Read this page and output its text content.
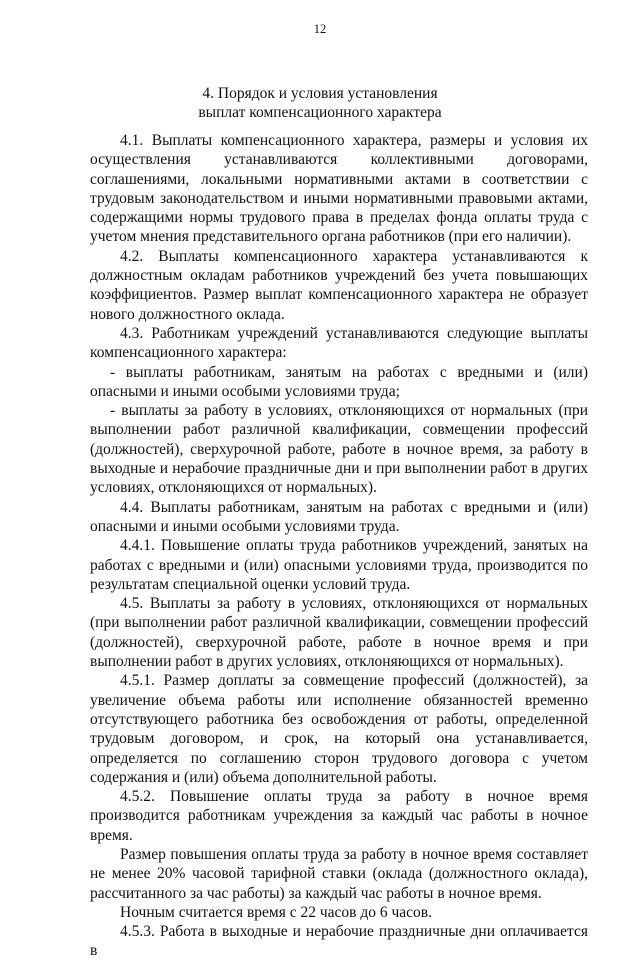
12
4. Порядок и условия установления
выплат компенсационного характера

4.1. Выплаты компенсационного характера, размеры и условия их осуществления устанавливаются коллективными договорами, соглашениями, локальными нормативными актами в соответствии с трудовым законодательством и иными нормативными правовыми актами, содержащими нормы трудового права в пределах фонда оплаты труда с учетом мнения представительного органа работников (при его наличии).

4.2. Выплаты компенсационного характера устанавливаются к должностным окладам работников учреждений без учета повышающих коэффициентов. Размер выплат компенсационного характера не образует нового должностного оклада.

4.3. Работникам учреждений устанавливаются следующие выплаты компенсационного характера:

- выплаты работникам, занятым на работах с вредными и (или) опасными и иными особыми условиями труда;

- выплаты за работу в условиях, отклоняющихся от нормальных (при выполнении работ различной квалификации, совмещении профессий (должностей), сверхурочной работе, работе в ночное время, за работу в выходные и нерабочие праздничные дни и при выполнении работ в других условиях, отклоняющихся от нормальных).

4.4. Выплаты работникам, занятым на работах с вредными и (или) опасными и иными особыми условиями труда.

4.4.1. Повышение оплаты труда работников учреждений, занятых на работах с вредными и (или) опасными условиями труда, производится по результатам специальной оценки условий труда.

4.5. Выплаты за работу в условиях, отклоняющихся от нормальных (при выполнении работ различной квалификации, совмещении профессий (должностей), сверхурочной работе, работе в ночное время и при выполнении работ в других условиях, отклоняющихся от нормальных).

4.5.1. Размер доплаты за совмещение профессий (должностей), за увеличение объема работы или исполнение обязанностей временно отсутствующего работника без освобождения от работы, определенной трудовым договором, и срок, на который она устанавливается, определяется по соглашению сторон трудового договора с учетом содержания и (или) объема дополнительной работы.

4.5.2. Повышение оплаты труда за работу в ночное время производится работникам учреждения за каждый час работы в ночное время.

Размер повышения оплаты труда за работу в ночное время составляет не менее 20% часовой тарифной ставки (оклада (должностного оклада), рассчитанного за час работы) за каждый час работы в ночное время.

Ночным считается время с 22 часов до 6 часов.

4.5.3. Работа в выходные и нерабочие праздничные дни оплачивается в
